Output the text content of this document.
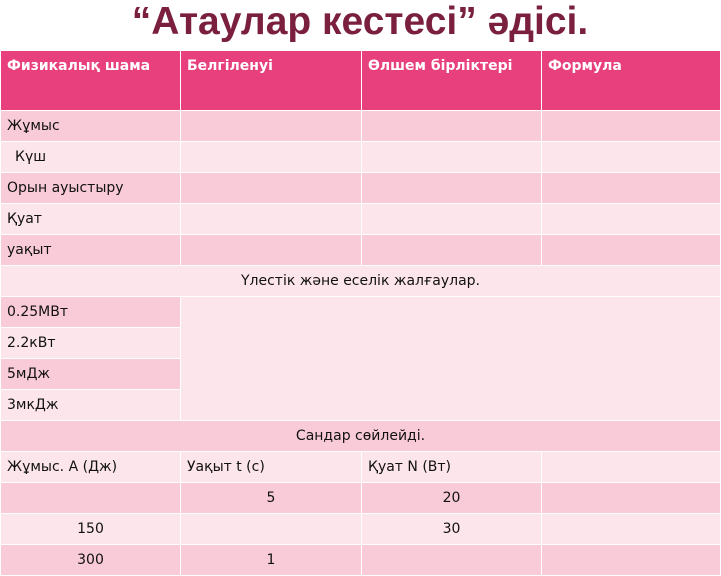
“Атаулар кестесі” әдісі.
Физикалық шама	Белгіленуі	Өлшем бірліктері	Формула
Жұмыс			
Күш			
Орын ауыстыру			
Қуат			
уақыт			
Үлестік және еселік жалғаулар.			
0.25МВт			
2.2кВт			
5мДж			
3мкДж			
Сандар сөйлейді.			
Жұмыс. А (Дж)	Уақыт t (с)	Қуат N (Вт)	
	5	20	
150		30	
300	1		
